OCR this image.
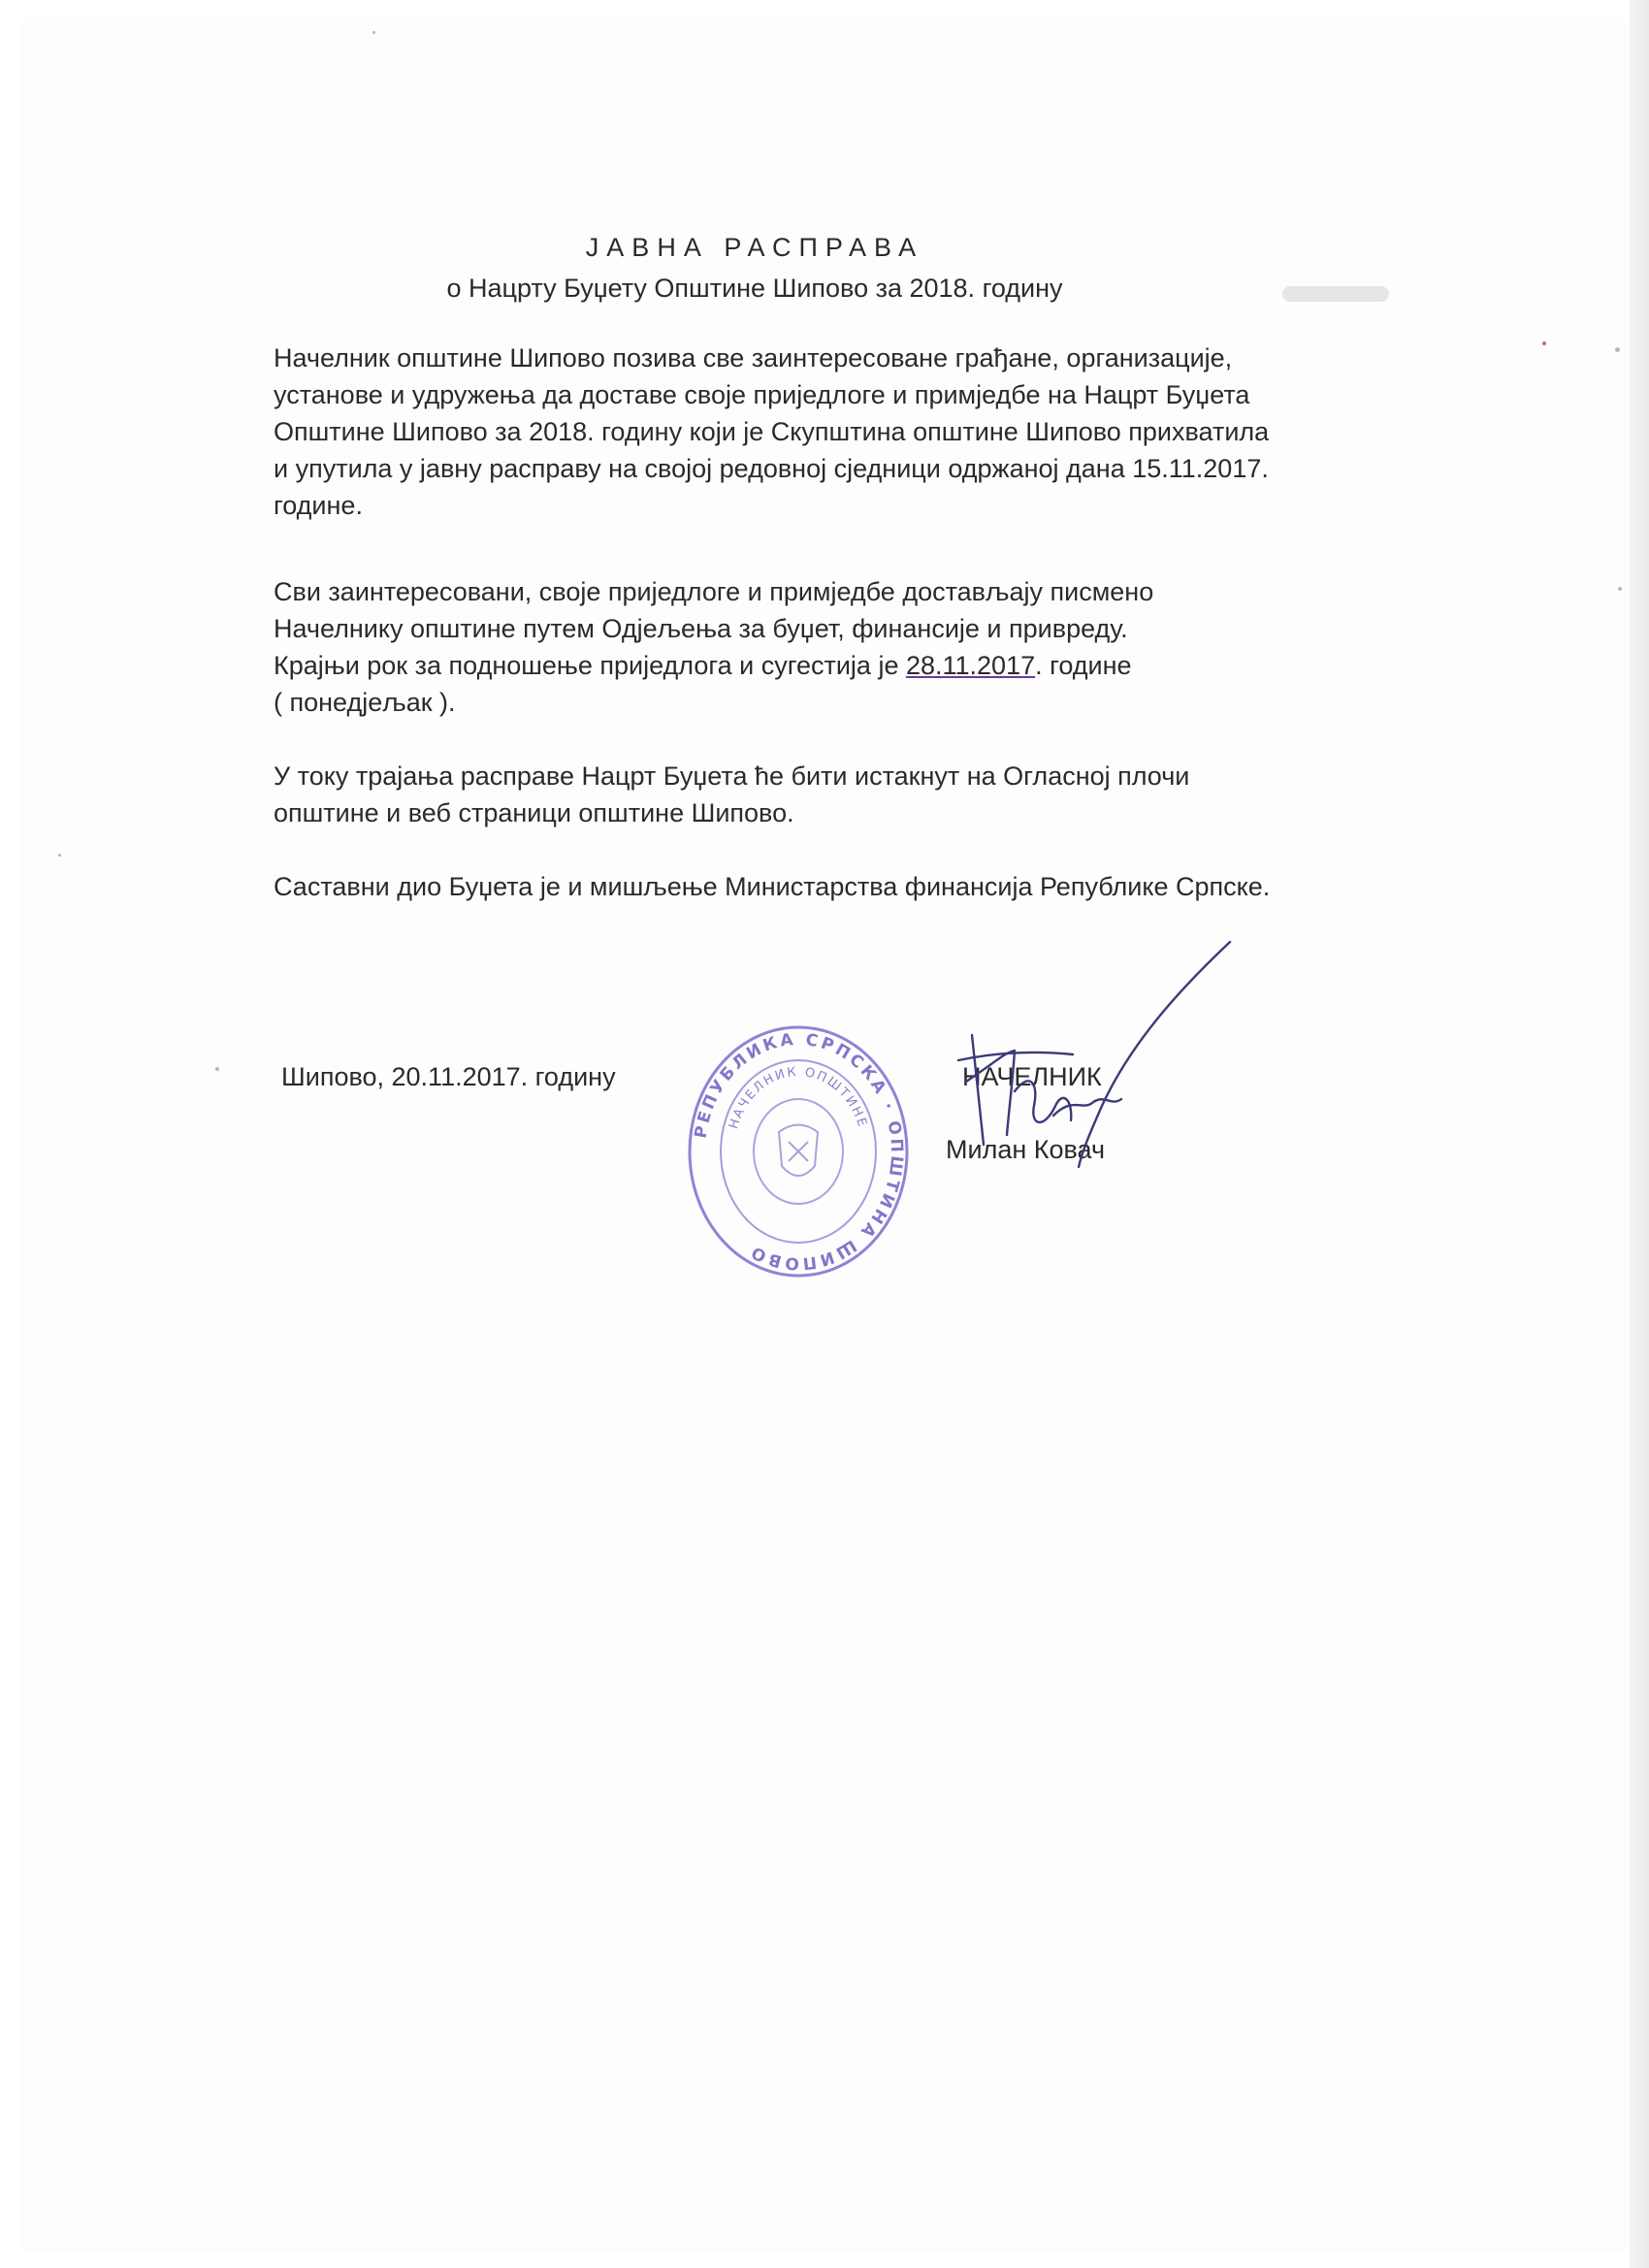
ЈАВНА РАСПРАВА
о Нацрту Буџету Општине Шипово за 2018. годину

Начелник општине Шипово позива све заинтересоване грађане, организације,
установе и удружења да доставе своје приједлоге и примједбе на Нацрт Буџета
Општине Шипово за 2018. годину који је Скупштина општине Шипово прихватила
и упутила у јавну расправу на својој редовној сједници одржаној дана 15.11.2017.
године.

Сви заинтересовани, своје приједлоге и примједбе достављају писмено
Начелнику општине путем Одјељења за буџет, финансије и привреду.
Крајњи рок за подношење приједлога и сугестија је 28.11.2017. године
( понедјељак ).

У току трајања расправе Нацрт Буџета ће бити истакнут на Огласној плочи
општине и веб страници општине Шипово.

Саставни дио Буџета је и мишљење Министарства финансија Републике Српске.

Шипово, 20.11.2017. годину	НАЧЕЛНИК
Милан Ковач
РЕПУБЛИКА СРПСКА · ОПШТИНА ШИПОВО
НАЧЕЛНИК ОПШТИНЕ
